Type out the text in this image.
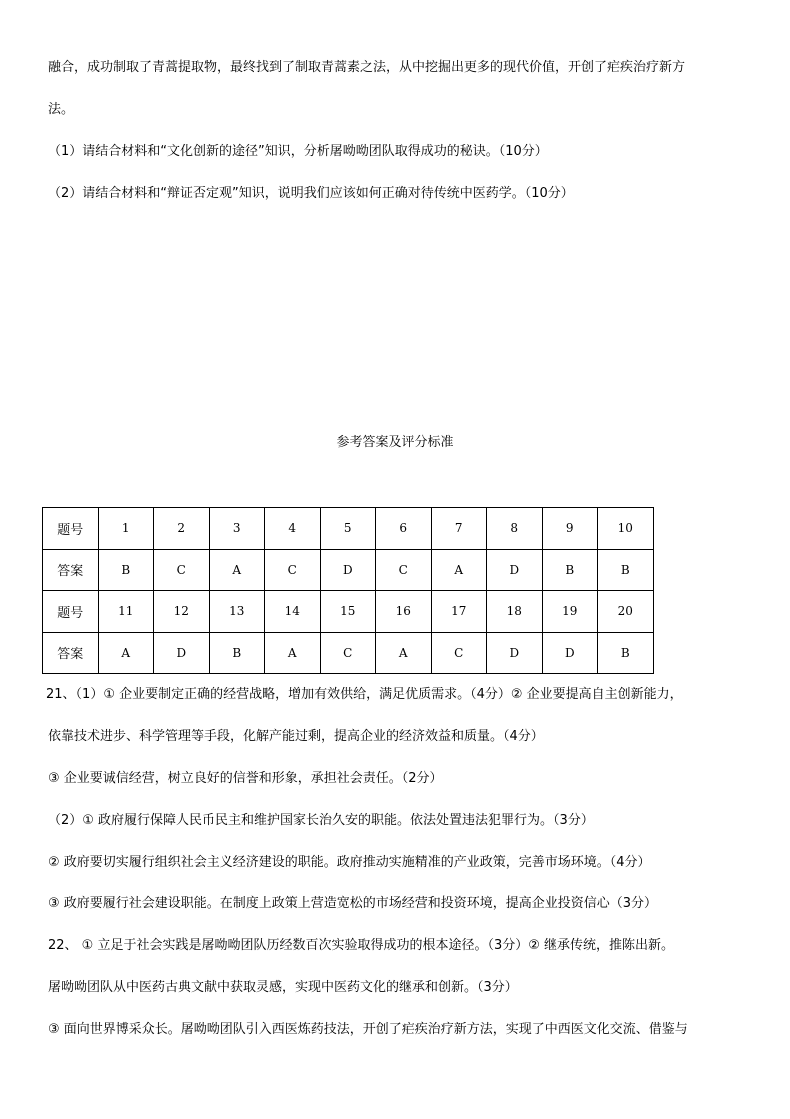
融合，成功制取了青蒿提取物，最终找到了制取青蒿素之法，从中挖掘出更多的现代价值，开创了疟疾治疗新方
法。
（1）请结合材料和“文化创新的途径”知识，分析屠呦呦团队取得成功的秘诀。（10分）
（2）请结合材料和“辩证否定观”知识，说明我们应该如何正确对待传统中医药学。（10分）
参考答案及评分标准
题号	1	2	3	4	5	6	7	8	9	10
答案	B	C	A	C	D	C	A	D	B	B
题号	11	12	13	14	15	16	17	18	19	20
答案	A	D	B	A	C	A	C	D	D	B
21、（1）① 企业要制定正确的经营战略，增加有效供给，满足优质需求。（4分）② 企业要提高自主创新能力，
依靠技术进步、科学管理等手段，化解产能过剩，提高企业的经济效益和质量。（4分）
③ 企业要诚信经营，树立良好的信誉和形象，承担社会责任。（2分）
（2）① 政府履行保障人民币民主和维护国家长治久安的职能。依法处置违法犯罪行为。（3分）
② 政府要切实履行组织社会主义经济建设的职能。政府推动实施精准的产业政策，完善市场环境。（4分）
③ 政府要履行社会建设职能。在制度上政策上营造宽松的市场经营和投资环境，提高企业投资信心（3分）
22、 ① 立足于社会实践是屠呦呦团队历经数百次实验取得成功的根本途径。（3分）② 继承传统，推陈出新。
屠呦呦团队从中医药古典文献中获取灵感，实现中医药文化的继承和创新。（3分）
③ 面向世界博采众长。屠呦呦团队引入西医炼药技法，开创了疟疾治疗新方法，实现了中西医文化交流、借鉴与
